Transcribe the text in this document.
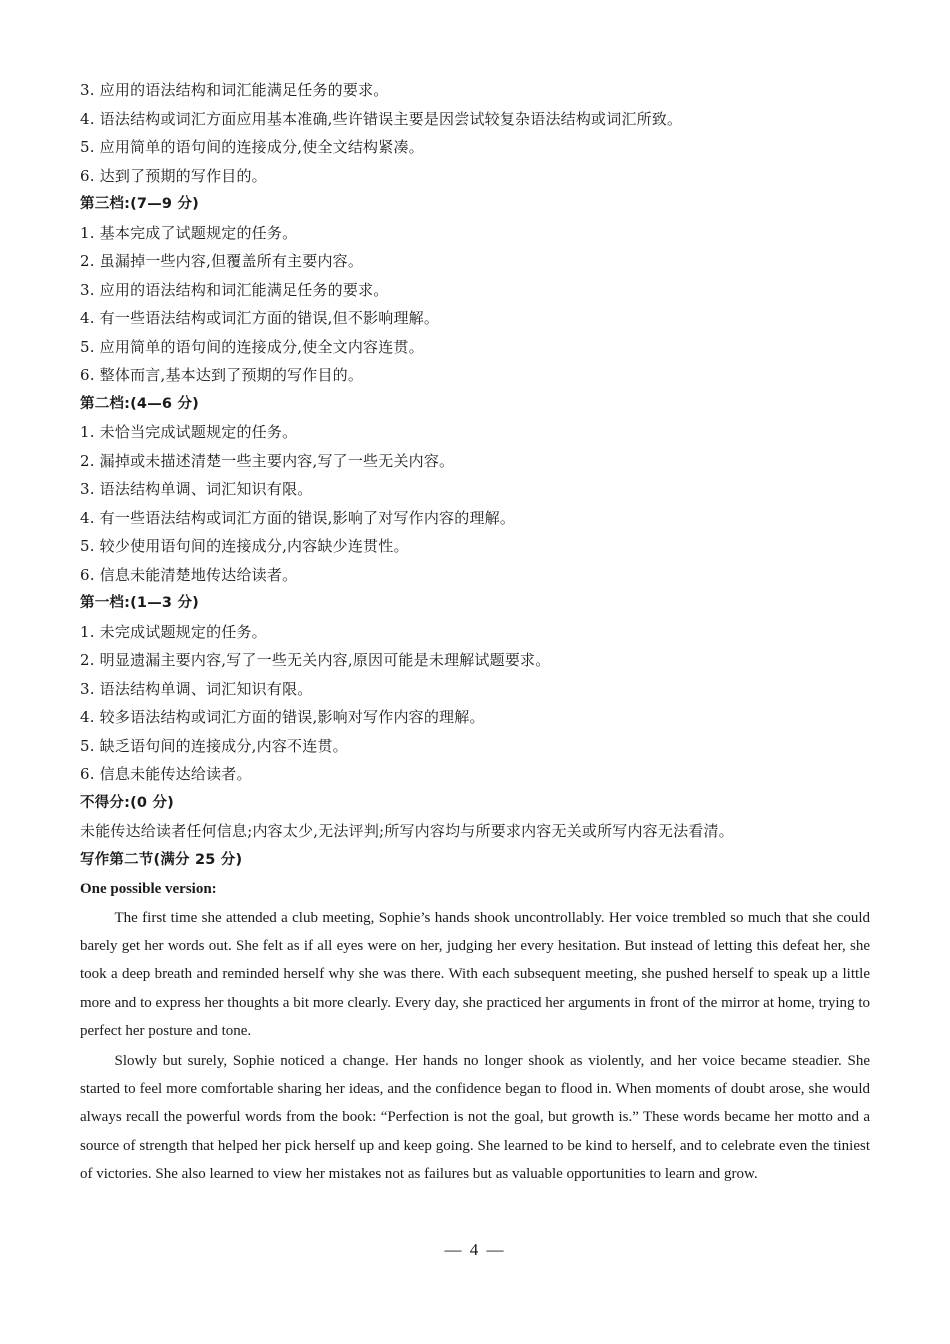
3. 应用的语法结构和词汇能满足任务的要求。
4. 语法结构或词汇方面应用基本准确,些许错误主要是因尝试较复杂语法结构或词汇所致。
5. 应用简单的语句间的连接成分,使全文结构紧凑。
6. 达到了预期的写作目的。
第三档:(7—9 分)
1. 基本完成了试题规定的任务。
2. 虽漏掉一些内容,但覆盖所有主要内容。
3. 应用的语法结构和词汇能满足任务的要求。
4. 有一些语法结构或词汇方面的错误,但不影响理解。
5. 应用简单的语句间的连接成分,使全文内容连贯。
6. 整体而言,基本达到了预期的写作目的。
第二档:(4—6 分)
1. 未恰当完成试题规定的任务。
2. 漏掉或未描述清楚一些主要内容,写了一些无关内容。
3. 语法结构单调、词汇知识有限。
4. 有一些语法结构或词汇方面的错误,影响了对写作内容的理解。
5. 较少使用语句间的连接成分,内容缺少连贯性。
6. 信息未能清楚地传达给读者。
第一档:(1—3 分)
1. 未完成试题规定的任务。
2. 明显遗漏主要内容,写了一些无关内容,原因可能是未理解试题要求。
3. 语法结构单调、词汇知识有限。
4. 较多语法结构或词汇方面的错误,影响对写作内容的理解。
5. 缺乏语句间的连接成分,内容不连贯。
6. 信息未能传达给读者。
不得分:(0 分)
未能传达给读者任何信息;内容太少,无法评判;所写内容均与所要求内容无关或所写内容无法看清。
写作第二节(满分 25 分)
One possible version:

The first time she attended a club meeting, Sophie’s hands shook uncontrollably. Her voice trembled so much that she could barely get her words out. She felt as if all eyes were on her, judging her every hesitation. But instead of letting this defeat her, she took a deep breath and reminded herself why she was there. With each subsequent meeting, she pushed herself to speak up a little more and to express her thoughts a bit more clearly. Every day, she practiced her arguments in front of the mirror at home, trying to perfect her posture and tone.

Slowly but surely, Sophie noticed a change. Her hands no longer shook as violently, and her voice became steadier. She started to feel more comfortable sharing her ideas, and the confidence began to flood in. When moments of doubt arose, she would always recall the powerful words from the book: “Perfection is not the goal, but growth is.” These words became her motto and a source of strength that helped her pick herself up and keep going. She learned to be kind to herself, and to celebrate even the tiniest of victories. She also learned to view her mistakes not as failures but as valuable opportunities to learn and grow.

— 4 —
